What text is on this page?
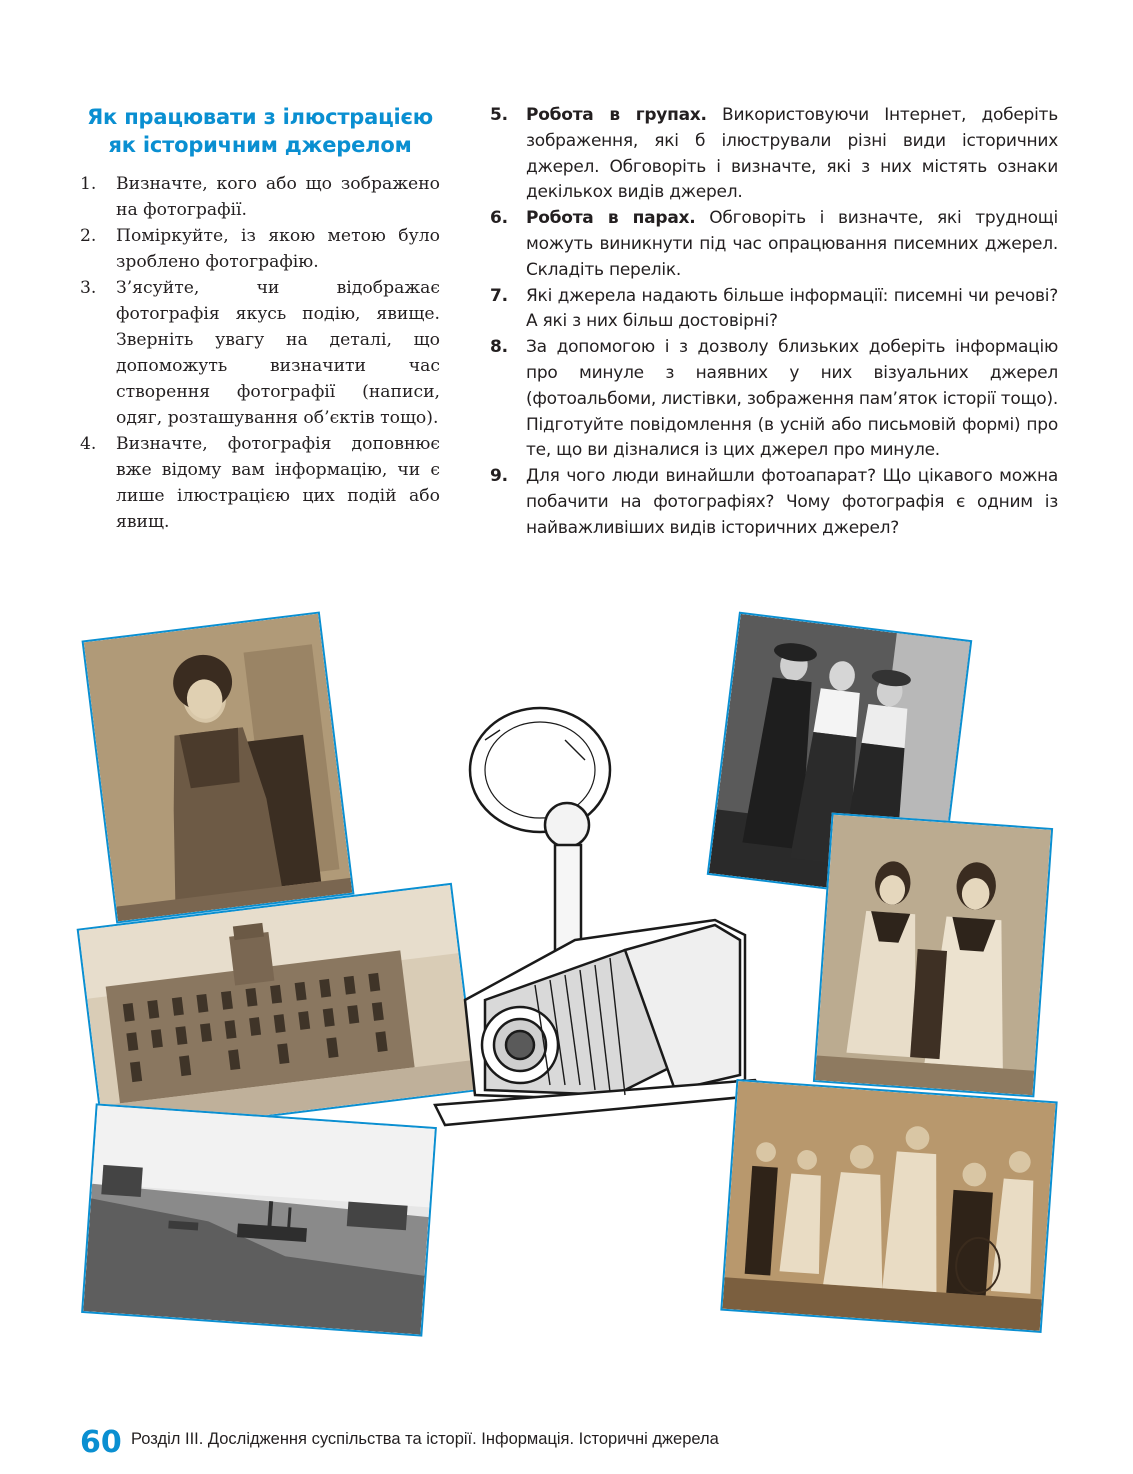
Як працювати з ілюстрацією
як історичним джерелом
1. Визначте, кого або що зображено на фотографії.
2. Поміркуйте, із якою метою було зроблено фотографію.
3. З’ясуйте, чи відображає фотографія якусь подію, явище. Зверніть увагу на деталі, що допоможуть визначити час створення фотографії (написи, одяг, розташування об’єктів тощо).
4. Визначте, фотографія доповнює вже відому вам інформацію, чи є лише ілюстрацією цих подій або явищ.
5. Робота в групах. Використовуючи Інтернет, доберіть зображення, які б ілюстрували різні види історичних джерел. Обговоріть і визначте, які з них містять ознаки декількох видів джерел.
6. Робота в парах. Обговоріть і визначте, які труднощі можуть виникнути під час опрацювання писемних джерел. Складіть перелік.
7. Які джерела надають більше інформації: писемні чи речові? А які з них більш достовірні?
8. За допомогою і з дозволу близьких доберіть інформацію про минуле з наявних у них візуальних джерел (фотоальбоми, листівки, зображення пам’яток історії тощо). Підготуйте повідомлення (в усній або письмовій формі) про те, що ви дізналися із цих джерел про минуле.
9. Для чого люди винайшли фотоапарат? Що цікавого можна побачити на фотографіях? Чому фотографія є одним із найважливіших видів історичних джерел?
60 Розділ III. Дослідження суспільства та історії. Інформація. Історичні джерела
